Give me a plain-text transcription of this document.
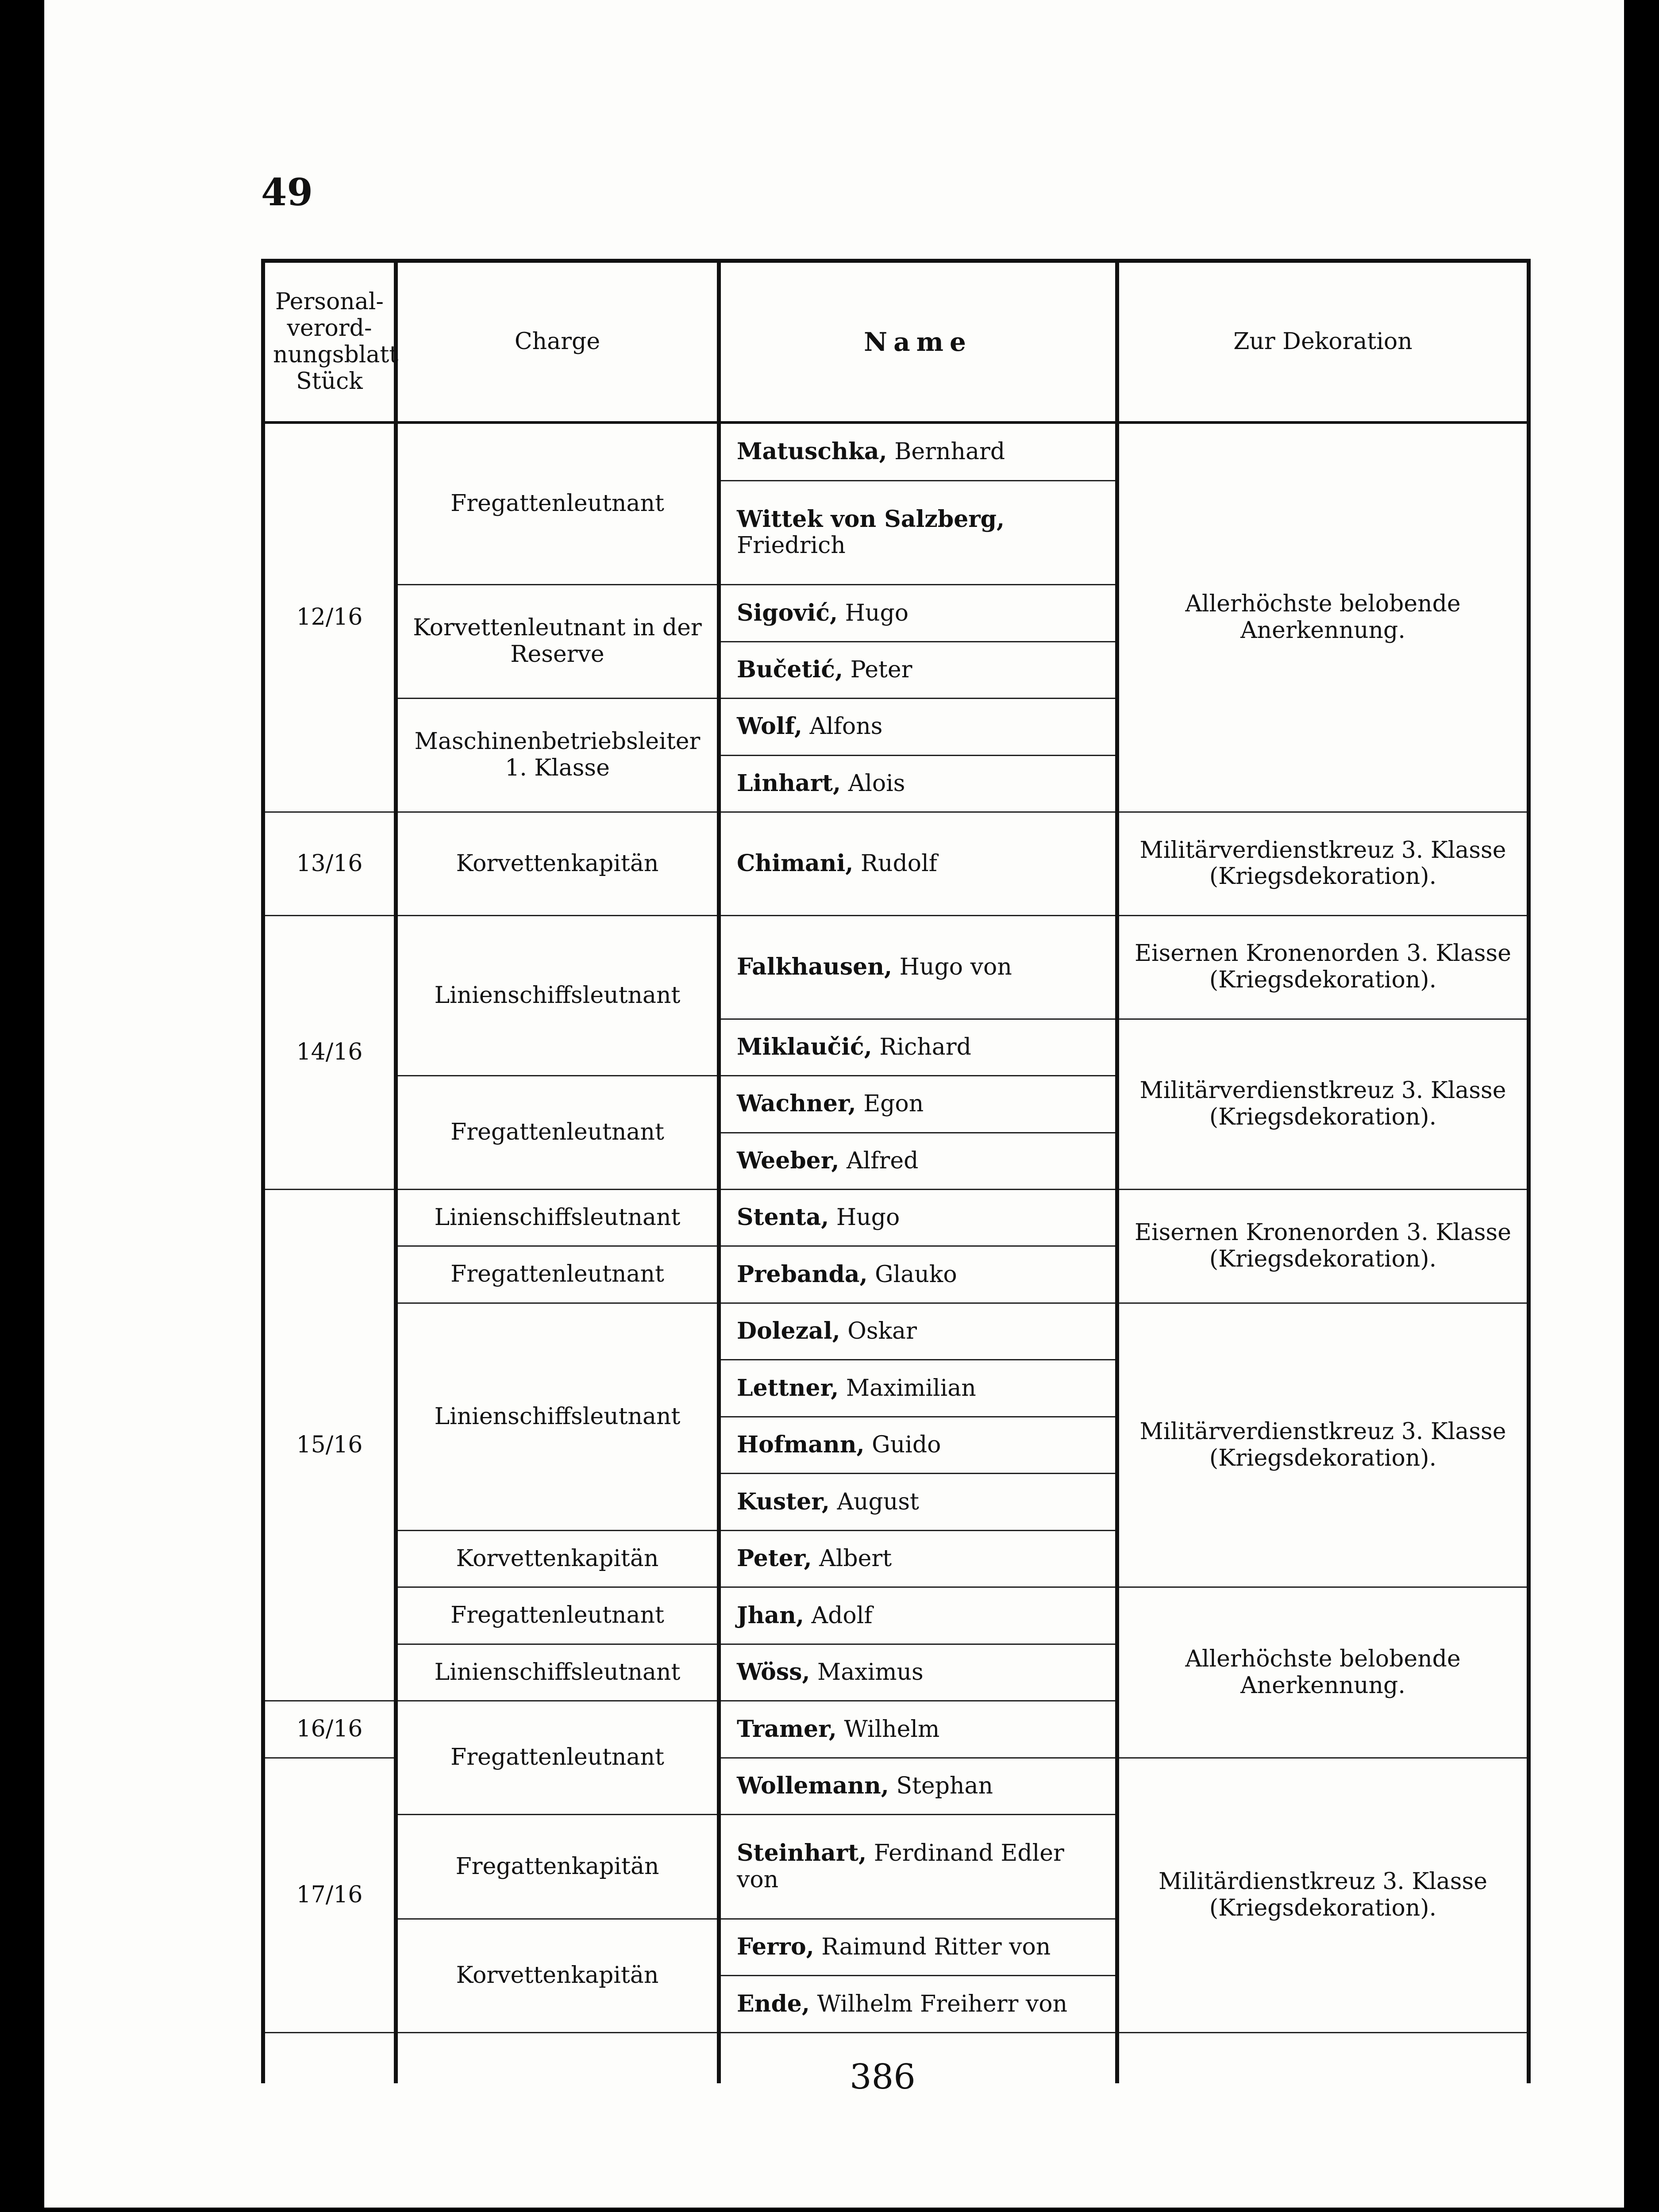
49
Personal- verord- nungsblatt Stück	Charge	Name	Zur Dekoration
12/16	Fregattenleutnant	Matuschka, Bernhard	Allerhöchste belobende Anerkennung.
		Wittek von Salzberg, Friedrich	
	Korvettenleutnant in der Reserve	Sigović, Hugo	
		Bučetić, Peter	
	Maschinenbetriebsleiter 1. Klasse	Wolf, Alfons	
		Linhart, Alois	
13/16	Korvettenkapitän	Chimani, Rudolf	Militärverdienstkreuz 3. Klasse (Kriegsdekoration).
14/16	Linienschiffsleutnant	Falkhausen, Hugo von	Eisernen Kronenorden 3. Klasse (Kriegsdekoration).
		Miklaučić, Richard	Militärverdienstkreuz 3. Klasse (Kriegsdekoration).
	Fregattenleutnant	Wachner, Egon	
		Weeber, Alfred	
15/16	Linienschiffsleutnant	Stenta, Hugo	Eisernen Kronenorden 3. Klasse (Kriegsdekoration).
	Fregattenleutnant	Prebanda, Glauko	
	Linienschiffsleutnant	Dolezal, Oskar	Militärverdienstkreuz 3. Klasse (Kriegsdekoration).
		Lettner, Maximilian	
		Hofmann, Guido	
		Kuster, August	
	Korvettenkapitän	Peter, Albert	
	Fregattenleutnant	Jhan, Adolf	Allerhöchste belobende Anerkennung.
	Linienschiffsleutnant	Wöss, Maximus	
16/16	Fregattenleutnant	Tramer, Wilhelm	
17/16		Wollemann, Stephan	Militärdienstkreuz 3. Klasse (Kriegsdekoration).
	Fregattenkapitän	Steinhart, Ferdinand Edler von	
	Korvettenkapitän	Ferro, Raimund Ritter von	
		Ende, Wilhelm Freiherr von	

386
